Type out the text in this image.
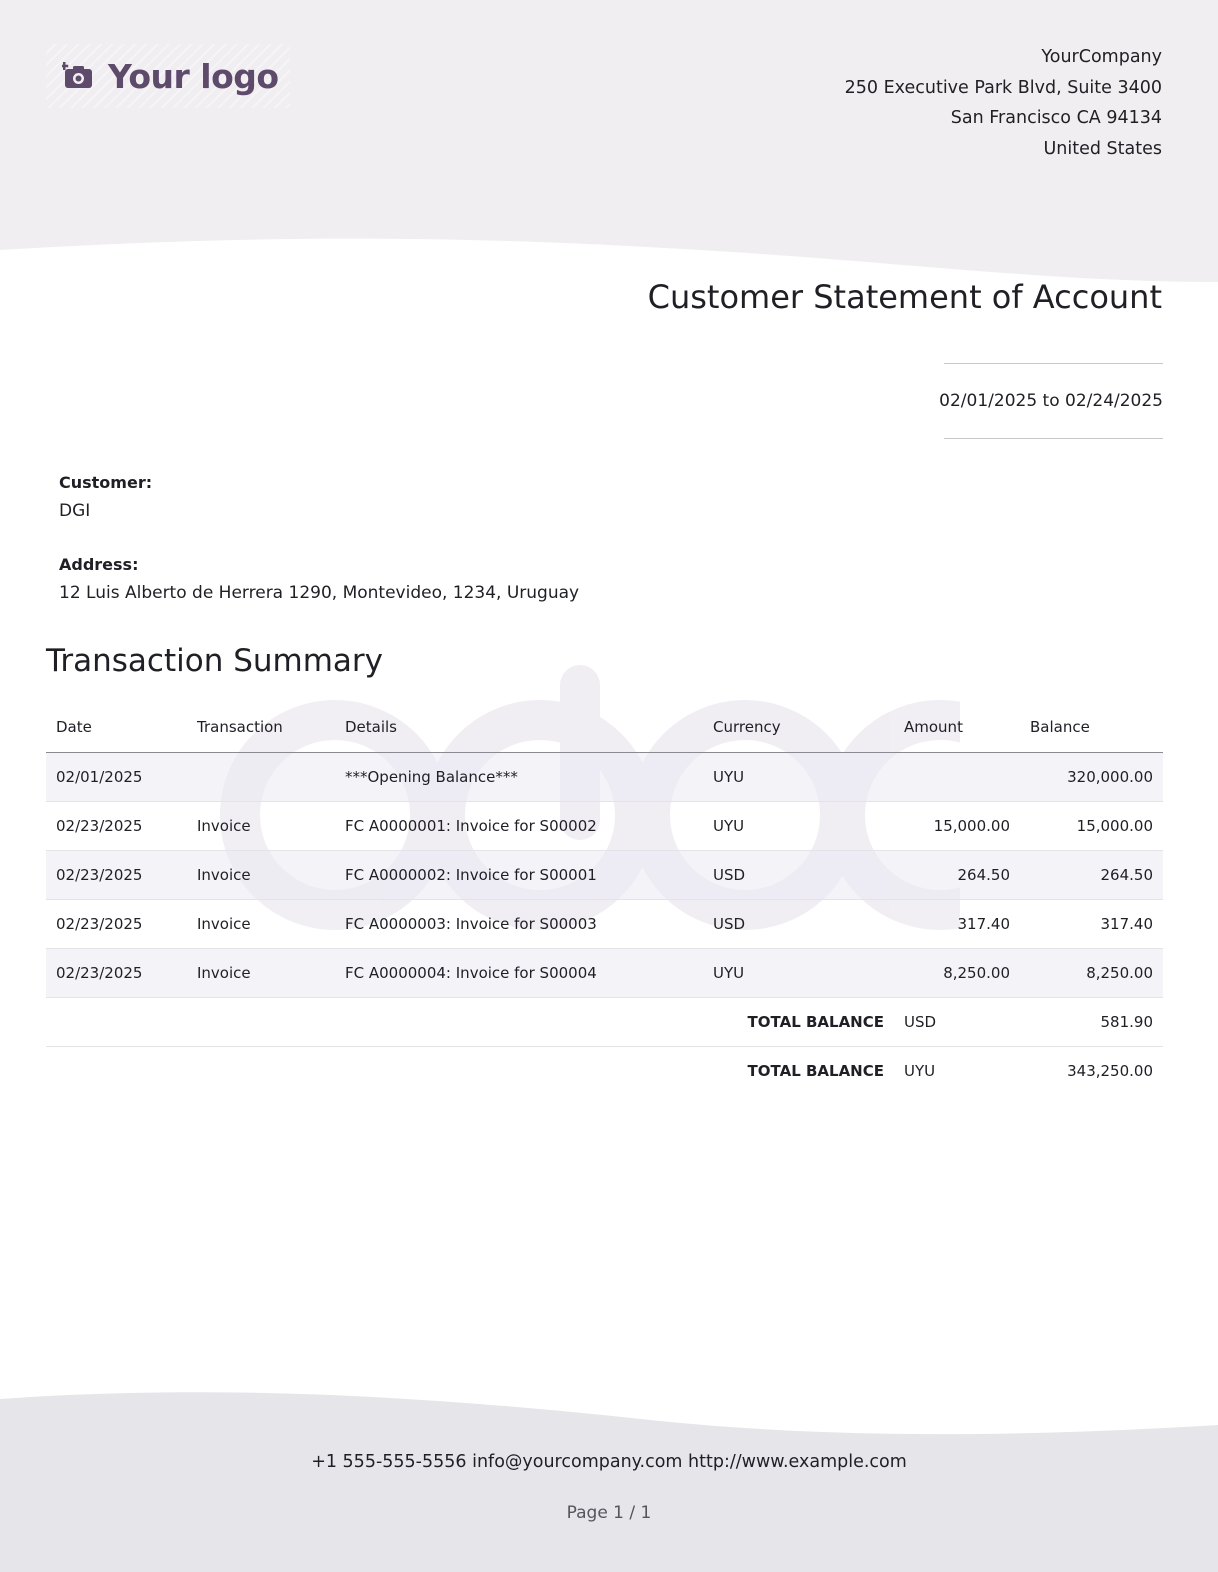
Your logo	YourCompany
250 Executive Park Blvd, Suite 3400
San Francisco CA 94134
United States
Customer Statement of Account
02/01/2025 to 02/24/2025
Customer:
DGI
Address:
12 Luis Alberto de Herrera 1290, Montevideo, 1234, Uruguay
Transaction Summary
Date	Transaction	Details	Currency	Amount	Balance
02/01/2025		***Opening Balance***	UYU		320,000.00
02/23/2025	Invoice	FC A0000001: Invoice for S00002	UYU	15,000.00	15,000.00
02/23/2025	Invoice	FC A0000002: Invoice for S00001	USD	264.50	264.50
02/23/2025	Invoice	FC A0000003: Invoice for S00003	USD	317.40	317.40
02/23/2025	Invoice	FC A0000004: Invoice for S00004	UYU	8,250.00	8,250.00
			TOTAL BALANCE	USD	581.90
			TOTAL BALANCE	UYU	343,250.00
+1 555-555-5556 info@yourcompany.com http://www.example.com
Page 1 / 1
